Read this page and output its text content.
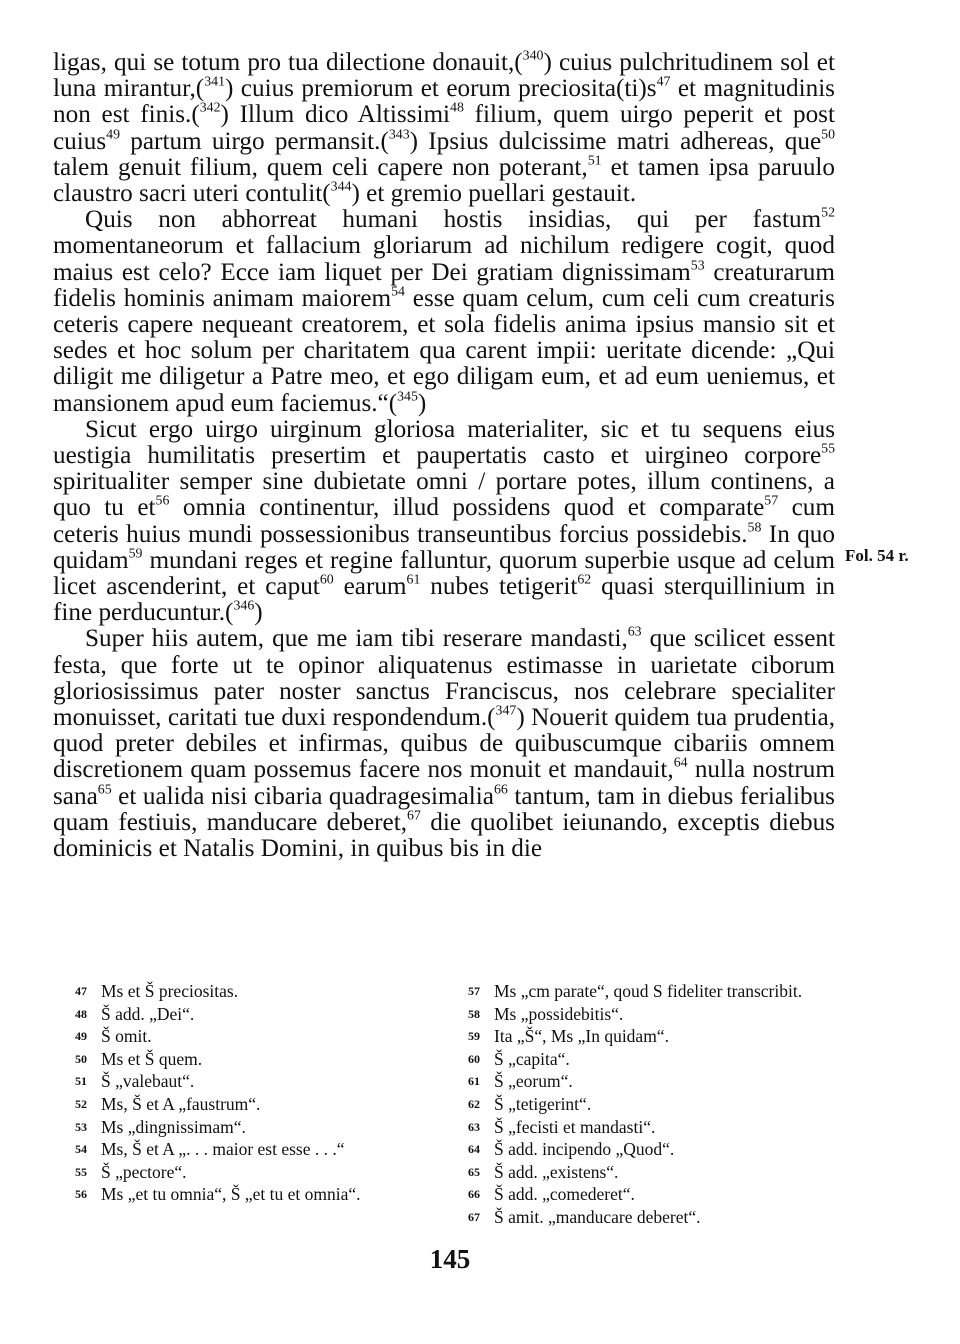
ligas, qui se totum pro tua dilectione donauit,($^{340}$) cuius pulchritudinem sol et luna mirantur,($^{341}$) cuius premiorum et eorum $preciosita(ti)s^{47}$ et magnitudinis non est finis.($^{342}$) Illum dico Altissimi$^{48}$ filium, quem uirgo peperit et post cuius$^{49}$ partum uirgo permansit.($^{343}$) Ipsius dulcissime matri adhereas, que$^{50}$ talem genuit filium, quem celi capere non poterant,$^{51}$ et tamen ipsa paruulo claustro sacri uteri contulit($^{344}$) et gremio puellari gestauit.

Quis non abhorreat humani hostis insidias, qui per fastum$^{52}$ momentaneorum et fallacium gloriarum ad nichilum redigere cogit, quod maius est celo? Ecce iam liquet per Dei gratiam dignissimam$^{53}$ creaturarum fidelis hominis animam maiorem$^{54}$ esse quam celum, cum celi cum creaturis ceteris capere nequeant creatorem, et sola fidelis anima ipsius mansio sit et sedes et hoc solum per charitatem qua carent impii: ueritate dicende: „Qui diligit me diligetur a Patre meo, et ego diligam eum, et ad eum ueniemus, et mansionem apud eum faciemus.“($^{345}$)

Sicut ergo uirgo uirginum gloriosa materialiter, sic et tu sequens eius uestigia humilitatis presertim et paupertatis casto et uirgineo corpore$^{55}$ spiritualiter semper sine dubietate omni / portare potes, illum continens, a quo tu $et^{56}$ omnia continentur, illud possidens quod et comparate$^{57}$ cum ceteris huius mundi possessionibus transeuntibus forcius possidebis.$^{58}$ In quo quidam$^{59}$ mundani reges et regine falluntur, quorum superbie usque ad celum licet ascenderint, et caput$^{60}$ earum$^{61}$ nubes tetigerit$^{62}$ quasi sterquillinium in fine perducuntur.($^{346}$)

Super hiis autem, que me iam tibi reserare mandasti,$^{63}$ que scilicet essent festa, que forte ut te opinor aliquatenus estimasse in uarietate ciborum gloriosissimus pater noster sanctus Franciscus, nos celebrare specialiter monuisset, caritati tue duxi respondendum.($^{347}$) Nouerit quidem tua prudentia, quod preter debiles et infirmas, quibus de quibuscumque cibariis omnem discretionem quam possemus facere nos monuit et mandauit,$^{64}$ nulla nostrum sana$^{65}$ et ualida nisi cibaria quadragesimalia$^{66}$ tantum, tam in diebus ferialibus quam festiuis, manducare deberet,$^{67}$ die quolibet ieiunando, exceptis diebus dominicis et Natalis Domini, in quibus bis in die

Fol. 54 r.

47 Ms et Š preciositas.

48 Š add. „Dei“.

49 Š omit.

50 Ms et Š quem.

51 Š „valebaut“.

52 Ms, Š et A „faustrum“.

53 Ms „dingnissimam“.

54 Ms, Š et A „. . . maior est esse . . .“

55 Š „pectore“.

56 Ms „et tu omnia“, Š „et tu et omnia“.

57 Ms „cm parate“, qoud S fideliter transcribit.

58 Ms „possidebitis“.

59 Ita „Š“, Ms „In quidam“.

60 Š „capita“.

61 Š „eorum“.

62 Š „tetigerint“.

63 Š „fecisti et mandasti“.

64 Š add. incipendo „Quod“.

65 Š add. „existens“.

66 Š add. „comederet“.

67 Š amit. „manducare deberet“.

145
